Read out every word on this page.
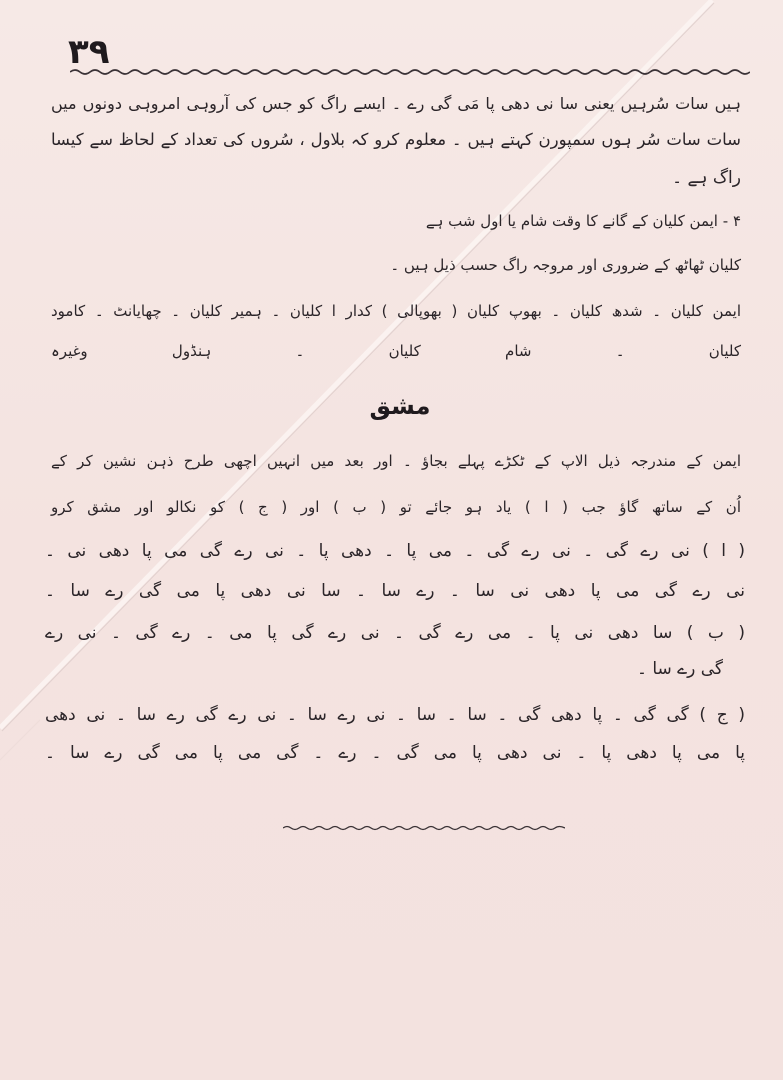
۳۹
ہیں سات سُرہیں یعنی سا نی دھی پا مَی گی رے ۔ ایسے راگ کو جس کی آروہی امروہی دونوں میں
سات سات سُر ہوں سمپورن کہتے ہیں ۔ معلوم کرو کہ بلاول ، سُروں کی تعداد کے لحاظ سے کیسا
راگ ہے ۔
۴ - ایمن کلیان کے گانے کا وقت شام یا اول شب ہے
کلیان ٹھاٹھ کے ضروری اور مروجہ راگ حسب ذیل ہیں ۔
ایمن کلیان ۔ شدھ کلیان ۔ بھوپ کلیان ( بھوپالی ) کدار ا کلیان ۔ ہمیر کلیان ۔ چھایانٹ ۔ کامود
کلیان ۔ شام کلیان ۔ ہنڈول وغیرہ
مشق
ایمن کے مندرجہ ذیل الاپ کے ٹکڑے پہلے بجاؤ ۔ اور بعد میں انہیں اچھی طرح ذہن نشین کر کے
اُن کے ساتھ گاؤ جب ( ا ) یاد ہو جائے تو ( ب ) اور ( ج ) کو نکالو اور مشق کرو
( ا ) نی رے گی ۔ نی رے گی ۔ می پا ۔ دھی پا ۔ نی رے گی می پا دھی نی ۔
نی رے گی می پا دھی نی سا ۔ رے سا ۔ سا نی دھی پا می گی رے سا ۔
( ب ) سا دھی نی پا ۔ می رے گی ۔ نی رے گی پا می ۔ رے گی ۔ نی رے
گی رے سا ۔
( ج ) گی گی ۔ پا دھی گی ۔ سا ۔ سا ۔ نی رے سا ۔ نی رے گی رے سا ۔ نی دھی
پا می پا دھی پا ۔ نی دھی پا می گی ۔ رے ۔ گی می پا می گی رے سا ۔
